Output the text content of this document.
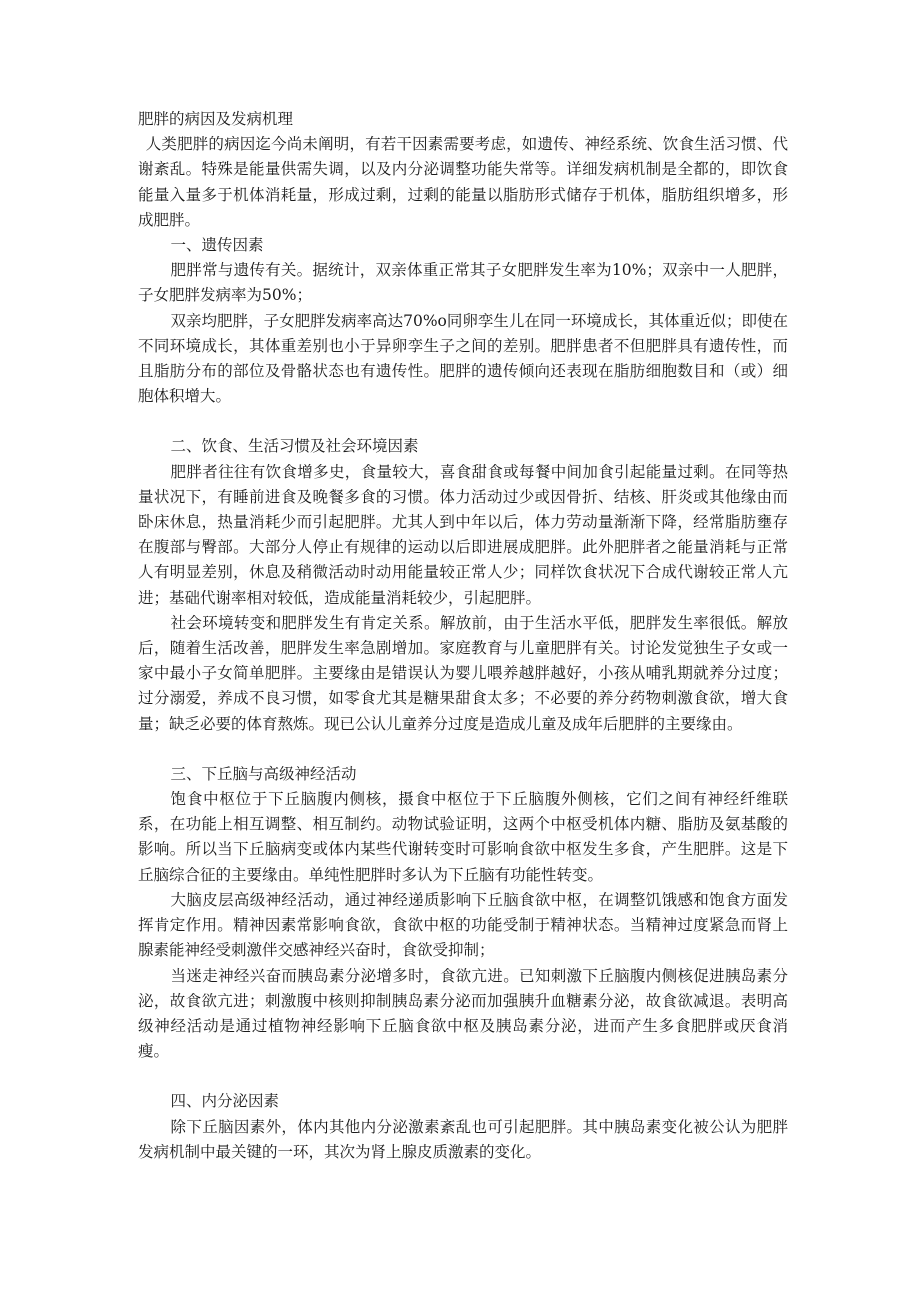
肥胖的病因及发病机理

人类肥胖的病因迄今尚未阐明，有若干因素需要考虑，如遗传、神经系统、饮食生活习惯、代谢紊乱。特殊是能量供需失调，以及内分泌调整功能失常等。详细发病机制是全都的，即饮食能量入量多于机体消耗量，形成过剩，过剩的能量以脂肪形式储存于机体，脂肪组织增多，形成肥胖。

一、遗传因素

肥胖常与遗传有关。据统计，双亲体重正常其子女肥胖发生率为10%；双亲中一人肥胖，子女肥胖发病率为50%；

双亲均肥胖，子女肥胖发病率高达70%o同卵孪生儿在同一环境成长，其体重近似；即使在不同环境成长，其体重差别也小于异卵孪生子之间的差别。肥胖患者不但肥胖具有遗传性，而且脂肪分布的部位及骨骼状态也有遗传性。肥胖的遗传倾向还表现在脂肪细胞数目和（或）细胞体积增大。

二、饮食、生活习惯及社会环境因素

肥胖者往往有饮食增多史，食量较大，喜食甜食或每餐中间加食引起能量过剩。在同等热量状况下，有睡前进食及晚餐多食的习惯。体力活动过少或因骨折、结核、肝炎或其他缘由而卧床休息，热量消耗少而引起肥胖。尤其人到中年以后，体力劳动量渐渐下降，经常脂肪壅存在腹部与臀部。大部分人停止有规律的运动以后即进展成肥胖。此外肥胖者之能量消耗与正常人有明显差别，休息及稍微活动时动用能量较正常人少；同样饮食状况下合成代谢较正常人亢进；基础代谢率相对较低，造成能量消耗较少，引起肥胖。

社会环境转变和肥胖发生有肯定关系。解放前，由于生活水平低，肥胖发生率很低。解放后，随着生活改善，肥胖发生率急剧增加。家庭教育与儿童肥胖有关。讨论发觉独生子女或一家中最小子女简单肥胖。主要缘由是错误认为婴儿喂养越胖越好，小孩从哺乳期就养分过度；过分溺爱，养成不良习惯，如零食尤其是糖果甜食太多；不必要的养分药物刺激食欲，增大食量；缺乏必要的体育熬炼。现已公认儿童养分过度是造成儿童及成年后肥胖的主要缘由。

三、下丘脑与高级神经活动

饱食中枢位于下丘脑腹内侧核，摄食中枢位于下丘脑腹外侧核，它们之间有神经纤维联系，在功能上相互调整、相互制约。动物试验证明，这两个中枢受机体内糖、脂肪及氨基酸的影响。所以当下丘脑病变或体内某些代谢转变时可影响食欲中枢发生多食，产生肥胖。这是下丘脑综合征的主要缘由。单纯性肥胖时多认为下丘脑有功能性转变。

大脑皮层高级神经活动，通过神经递质影响下丘脑食欲中枢，在调整饥饿感和饱食方面发挥肯定作用。精神因素常影响食欲，食欲中枢的功能受制于精神状态。当精神过度紧急而肾上腺素能神经受刺激伴交感神经兴奋时，食欲受抑制；

当迷走神经兴奋而胰岛素分泌增多时，食欲亢进。已知刺激下丘脑腹内侧核促进胰岛素分泌，故食欲亢进；刺激腹中核则抑制胰岛素分泌而加强胰升血糖素分泌，故食欲减退。表明高级神经活动是通过植物神经影响下丘脑食欲中枢及胰岛素分泌，进而产生多食肥胖或厌食消瘦。

四、内分泌因素

除下丘脑因素外，体内其他内分泌激素紊乱也可引起肥胖。其中胰岛素变化被公认为肥胖发病机制中最关键的一环，其次为肾上腺皮质激素的变化。
